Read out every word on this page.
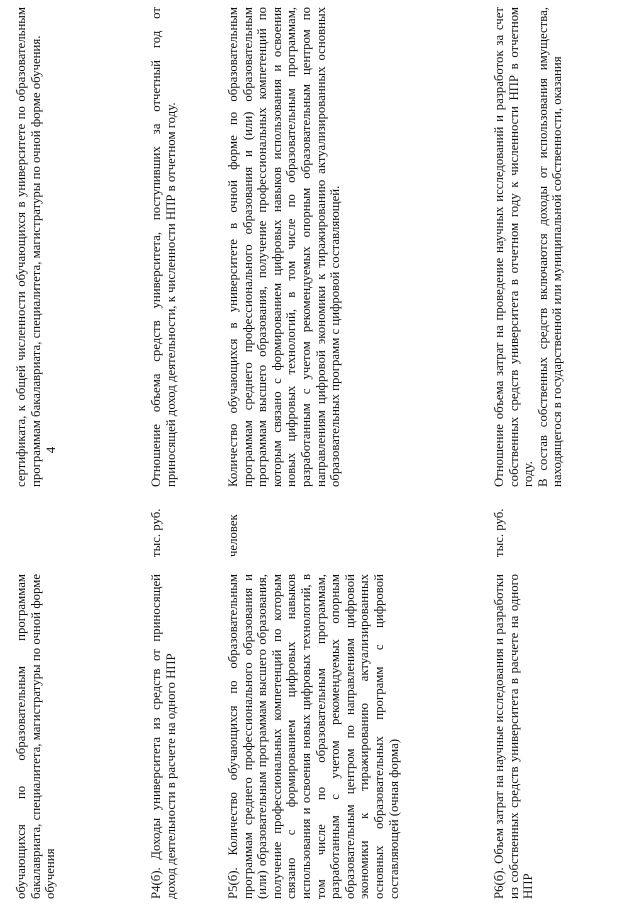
4
обучающихся по образовательным программам бакалавриата, специалитета, магистратуры по очной форме обучения

сертификата, к общей численности обучающихся в университете по образовательным программам бакалавриата, специалитета, магистратуры по очной форме обучения.

Р4(б). Доходы университета из средств от приносящей доход деятельности в расчете на одного НПР
тыс. руб.

Отношение объема средств университета, поступивших за отчетный год от приносящей доход деятельности, к численности НПР в отчетном году.

Р5(б). Количество обучающихся по образовательным программам среднего профессионального образования и (или) образовательным программам высшего образования, получение профессиональных компетенций по которым связано с формированием цифровых навыков использования и освоения новых цифровых технологий, в том числе по образовательным программам, разработанным с учетом рекомендуемых опорным образовательным центром по направлениям цифровой экономики к тиражированию актуализированных основных образовательных программ с цифровой составляющей (очная форма)
человек

Количество обучающихся в университете в очной форме по образовательным программам среднего профессионального образования и (или) образовательным программам высшего образования, получение профессиональных компетенций по которым связано с формированием цифровых навыков использования и освоения новых цифровых технологий, в том числе по образовательным программам, разработанным с учетом рекомендуемых опорным образовательным центром по направлениям цифровой экономики к тиражированию актуализированных основных образовательных программ с цифровой составляющей.

Р6(б). Объем затрат на научные исследования и разработки из собственных средств университета в расчете на одного НПР
тыс. руб.

Отношение объема затрат на проведение научных исследований и разработок за счет собственных средств университета в отчетном году к численности НПР в отчетном году. В состав собственных средств включаются доходы от использования имущества, находящегося в государственной или муниципальной собственности, оказания
